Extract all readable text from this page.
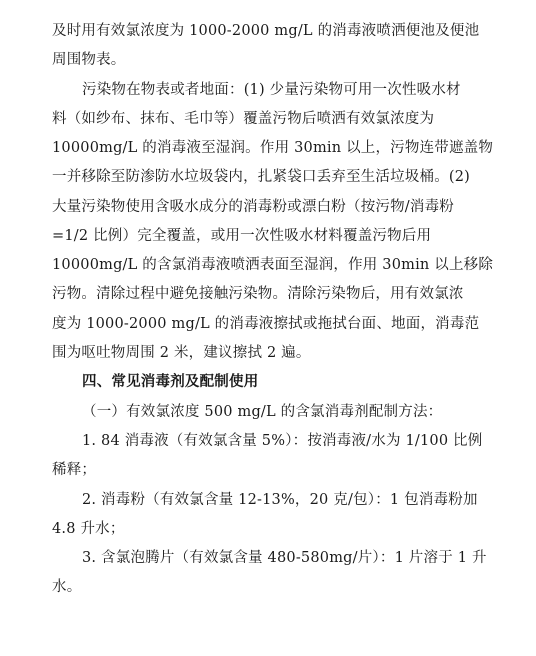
及时用有效氯浓度为 1000-2000 mg/L 的消毒液喷洒便池及便池
周围物表。
污染物在物表或者地面：(1) 少量污染物可用一次性吸水材
料（如纱布、抹布、毛巾等）覆盖污物后喷洒有效氯浓度为
10000mg/L 的消毒液至湿润。作用 30min 以上，污物连带遮盖物
一并移除至防渗防水垃圾袋内，扎紧袋口丢弃至生活垃圾桶。(2)
大量污染物使用含吸水成分的消毒粉或漂白粉（按污物/消毒粉
=1/2 比例）完全覆盖，或用一次性吸水材料覆盖污物后用
10000mg/L 的含氯消毒液喷洒表面至湿润，作用 30min 以上移除
污物。清除过程中避免接触污染物。清除污染物后，用有效氯浓
度为 1000-2000 mg/L 的消毒液擦拭或拖拭台面、地面，消毒范
围为呕吐物周围 2 米，建议擦拭 2 遍。
四、常见消毒剂及配制使用
（一）有效氯浓度 500 mg/L 的含氯消毒剂配制方法：
1. 84 消毒液（有效氯含量 5%）：按消毒液/水为 1/100 比例
稀释；
2. 消毒粉（有效氯含量 12-13%，20 克/包）：1 包消毒粉加
4.8 升水；
3. 含氯泡腾片（有效氯含量 480-580mg/片）：1 片溶于 1 升
水。
